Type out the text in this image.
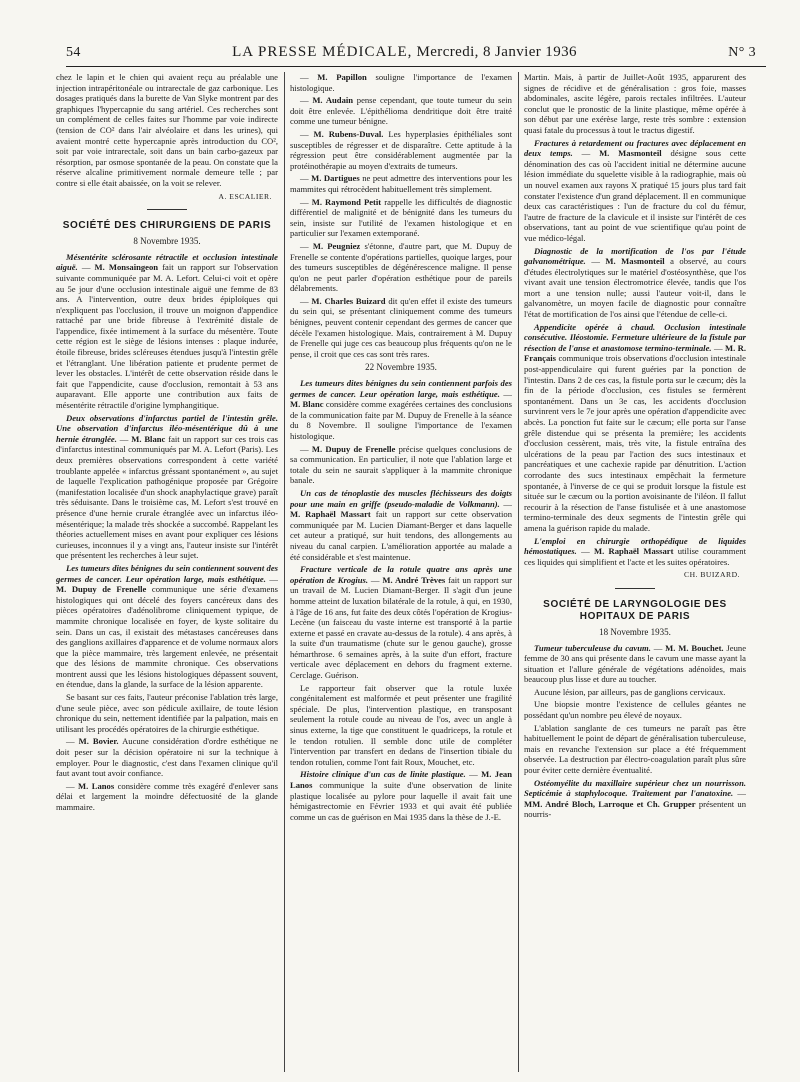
54	LA PRESSE MÉDICALE, Mercredi, 8 Janvier 1936	N° 3

chez le lapin et le chien qui avaient reçu au préalable une injection intrapéritonéale ou intrarectale de gaz carbonique. Les dosages pratiqués dans la burette de Van Slyke montrent par des graphiques l'hypercapnie du sang artériel. Ces recherches sont un complément de celles faites sur l'homme par voie indirecte (tension de CO² dans l'air alvéolaire et dans les urines), qui avaient montré cette hypercapnie après introduction du CO², soit par voie intrarectale, soit dans un bain carbo-gazeux par résorption, par osmose spontanée de la peau. On constate que la réserve alcaline primitivement normale demeure telle ; par contre si elle était abaissée, on la voit se relever.

A. ESCALIER.
SOCIÉTÉ DES CHIRURGIENS DE PARIS
8 Novembre 1935.

Mésentérite sclérosante rétractile et occlusion intestinale aiguë. — M. Monsaingeon fait un rapport sur l'observation suivante communiquée par M. A. Lefort. Celui-ci voit et opère au 5e jour d'une occlusion intestinale aiguë une femme de 83 ans. A l'intervention, outre deux brides épiploïques qui n'expliquent pas l'occlusion, il trouve un moignon d'appendice rattaché par une bride fibreuse à l'extrémité distale de l'appendice, fixée intimement à la surface du mésentère. Toute cette région est le siège de lésions intenses : plaque indurée, étoile fibreuse, brides scléreuses étendues jusqu'à l'intestin grêle et l'étranglant. Une libération patiente et prudente permet de lever les obstacles. L'intérêt de cette observation réside dans le fait que l'appendicite, cause d'occlusion, remontait à 53 ans auparavant. Elle apporte une contribution aux faits de mésentérite rétractile d'origine lymphangitique.

Deux observations d'infarctus partiel de l'intestin grêle. Une observation d'infarctus iléo-mésentérique dû à une hernie étranglée. — M. Blanc fait un rapport sur ces trois cas d'infarctus intestinal communiqués par M. A. Lefort (Paris). Les deux premières observations correspondent à cette variété troublante appelée « infarctus gréssant spontanément », au sujet de laquelle l'explication pathogénique proposée par Grégoire (manifestation localisée d'un shock anaphylactique grave) paraît très séduisante. Dans le troisième cas, M. Lefort s'est trouvé en présence d'une hernie crurale étranglée avec un infarctus iléo-mésentérique; la malade très shockée a succombé. Rappelant les théories actuellement mises en avant pour expliquer ces lésions curieuses, inconnues il y a vingt ans, l'auteur insiste sur l'intérêt que présentent les recherches à leur sujet.

Les tumeurs dites bénignes du sein contiennent souvent des germes de cancer. Leur opération large, mais esthétique. — M. Dupuy de Frenelle communique une série d'examens histologiques qui ont décelé des foyers cancéreux dans des pièces opératoires d'adénolibrome cliniquement typique, de mammite chronique localisée en foyer, de kyste solitaire du sein. Dans un cas, il existait des métastases cancéreuses dans des ganglions axillaires d'apparence et de volume normaux alors que la pièce mammaire, très largement enlevée, ne présentait que des lésions de mammite chronique. Ces observations montrent aussi que les lésions histologiques dépassent souvent, en étendue, dans la glande, la surface de la lésion apparente.

Se basant sur ces faits, l'auteur préconise l'ablation très large, d'une seule pièce, avec son pédicule axillaire, de toute lésion chronique du sein, nettement identifiée par la palpation, mais en utilisant les procédés opératoires de la chirurgie esthétique.

— M. Bovier. Aucune considération d'ordre esthétique ne doit peser sur la décision opératoire ni sur la technique à employer. Pour le diagnostic, c'est dans l'examen clinique qu'il faut avant tout avoir confiance.

— M. Lanos considère comme très exagéré d'enlever sans délai et largement la moindre défectuosité de la glande mammaire.

— M. Papillon souligne l'importance de l'examen histologique.

— M. Audain pense cependant, que toute tumeur du sein doit être enlevée. L'épithélioma dendritique doit être traité comme une tumeur bénigne.

— M. Rubens-Duval. Les hyperplasies épithéliales sont susceptibles de régresser et de disparaître. Cette aptitude à la régression peut être considérablement augmentée par la protéinothérapie au moyen d'extraits de tumeurs.

— M. Dartigues ne peut admettre des interventions pour les mammites qui rétrocèdent habituellement très simplement.

— M. Raymond Petit rappelle les difficultés de diagnostic différentiel de malignité et de bénignité dans les tumeurs du sein, insiste sur l'utilité de l'examen histologique et en particulier sur l'examen extemporané.

— M. Peugniez s'étonne, d'autre part, que M. Dupuy de Frenelle se contente d'opérations partielles, quoique larges, pour des tumeurs susceptibles de dégénérescence maligne. Il pense qu'on ne peut parler d'opération esthétique pour de pareils délabrements.

— M. Charles Buizard dit qu'en effet il existe des tumeurs du sein qui, se présentant cliniquement comme des tumeurs bénignes, peuvent contenir cependant des germes de cancer que décèle l'examen histologique. Mais, contrairement à M. Dupuy de Frenelle qui juge ces cas beaucoup plus fréquents qu'on ne le pense, il croit que ces cas sont très rares.

22 Novembre 1935.

Les tumeurs dites bénignes du sein contiennent parfois des germes de cancer. Leur opération large, mais esthétique. — M. Blanc considère comme exagérées certaines des conclusions de la communication faite par M. Dupuy de Frenelle à la séance du 8 Novembre. Il souligne l'importance de l'examen histologique.

— M. Dupuy de Frenelle précise quelques conclusions de sa communication. En particulier, il note que l'ablation large et totale du sein ne saurait s'appliquer à la mammite chronique banale.

Un cas de ténoplastie des muscles fléchisseurs des doigts pour une main en griffe (pseudo-maladie de Volkmann). — M. Raphaël Massart fait un rapport sur cette observation communiquée par M. Lucien Diamant-Berger et dans laquelle cet auteur a pratiqué, sur huit tendons, des allongements au niveau du canal carpien. L'amélioration apportée au malade a été considérable et s'est maintenue.

Fracture verticale de la rotule quatre ans après une opération de Krogius. — M. André Trèves fait un rapport sur un travail de M. Lucien Diamant-Berger. Il s'agit d'un jeune homme atteint de luxation bilatérale de la rotule, à qui, en 1930, à l'âge de 16 ans, fut faite des deux côtés l'opération de Krogius-Lecène (un faisceau du vaste interne est transporté à la partie externe et passé en cravate au-dessus de la rotule). 4 ans après, à la suite d'un traumatisme (chute sur le genou gauche), grosse hémarthrose. 6 semaines après, à la suite d'un effort, fracture verticale avec déplacement en dehors du fragment externe. Cerclage. Guérison.

Le rapporteur fait observer que la rotule luxée congénitalement est malformée et peut présenter une fragilité spéciale. De plus, l'intervention plastique, en transposant seulement la rotule coude au niveau de l'os, avec un angle à sinus externe, la tige que constituent le quadriceps, la rotule et le tendon rotulien. Il semble donc utile de compléter l'intervention par transfert en dedans de l'insertion tibiale du tendon rotulien, comme l'ont fait Roux, Mouchet, etc.

Histoire clinique d'un cas de linite plastique. — M. Jean Lanos communique la suite d'une observation de linite plastique localisée au pylore pour laquelle il avait fait une hémigastrectomie en Février 1933 et qui avait été publiée comme un cas de guérison en Mai 1935 dans la thèse de J.-E.

Martin. Mais, à partir de Juillet-Août 1935, apparurent des signes de récidive et de généralisation : gros foie, masses abdominales, ascite légère, parois rectales infiltrées. L'auteur conclut que le pronostic de la linite plastique, même opérée à son début par une exérèse large, reste très sombre : extension quasi fatale du processus à tout le tractus digestif.

Fractures à retardement ou fractures avec déplacement en deux temps. — M. Masmonteil désigne sous cette dénomination des cas où l'accident initial ne détermine aucune lésion immédiate du squelette visible à la radiographie, mais où un nouvel examen aux rayons X pratiqué 15 jours plus tard fait constater l'existence d'un grand déplacement. Il en communique deux cas caractéristiques : l'un de fracture du col du fémur, l'autre de fracture de la clavicule et il insiste sur l'intérêt de ces observations, tant au point de vue scientifique qu'au point de vue médico-légal.

Diagnostic de la mortification de l'os par l'étude galvanométrique. — M. Masmonteil a observé, au cours d'études électrolytiques sur le matériel d'ostéosynthèse, que l'os vivant avait une tension électromotrice élevée, tandis que l'os mort a une tension nulle; aussi l'auteur voit-il, dans le galvanomètre, un moyen facile de diagnostic pour connaître l'état de mortification de l'os ainsi que l'étendue de celle-ci.

Appendicite opérée à chaud. Occlusion intestinale consécutive. Iléostomie. Fermeture ultérieure de la fistule par résection de l'anse et anastomose termino-terminale. — M. R. Français communique trois observations d'occlusion intestinale post-appendiculaire qui furent guéries par la ponction de l'intestin. Dans 2 de ces cas, la fistule porta sur le cæcum; dès la fin de la période d'occlusion, ces fistules se fermèrent spontanément. Dans un 3e cas, les accidents d'occlusion survinrent vers le 7e jour après une opération d'appendicite avec abcès. La ponction fut faite sur le cæcum; elle porta sur l'anse grêle distendue qui se présenta la première; les accidents d'occlusion cessèrent, mais, très vite, la fistule entraîna des ulcérations de la peau par l'action des sucs intestinaux et pancréatiques et une cachexie rapide par dénutrition. L'action corrodante des sucs intestinaux empêchait la fermeture spontanée, à l'inverse de ce qui se produit lorsque la fistule est située sur le cæcum ou la portion avoisinante de l'iléon. Il fallut recourir à la résection de l'anse fistulisée et à une anastomose termino-terminale des deux segments de l'intestin grêle qui amena la guérison rapide du malade.

L'emploi en chirurgie orthopédique de liquides hémostatiques. — M. Raphaël Massart utilise couramment ces liquides qui simplifient et l'acte et les suites opératoires.

CH. BUIZARD.
SOCIÉTÉ DE LARYNGOLOGIE DES HOPITAUX DE PARIS
18 Novembre 1935.

Tumeur tuberculeuse du cavum. — M. M. Bouchet. Jeune femme de 30 ans qui présente dans le cavum une masse ayant la situation et l'allure générale de végétations adénoïdes, mais beaucoup plus lisse et dure au toucher.

Aucune lésion, par ailleurs, pas de ganglions cervicaux.

Une biopsie montre l'existence de cellules géantes ne possédant qu'un nombre peu élevé de noyaux.

L'ablation sanglante de ces tumeurs ne paraît pas être habituellement le point de départ de généralisation tuberculeuse, mais en revanche l'extension sur place a été fréquemment observée. La destruction par électro-coagulation paraît plus sûre pour éviter cette dernière éventualité.

Ostéomyélite du maxillaire supérieur chez un nourrisson. Septicémie à staphylocoque. Traitement par l'anatoxine. — MM. André Bloch, Larroque et Ch. Grupper présentent un nourris-
